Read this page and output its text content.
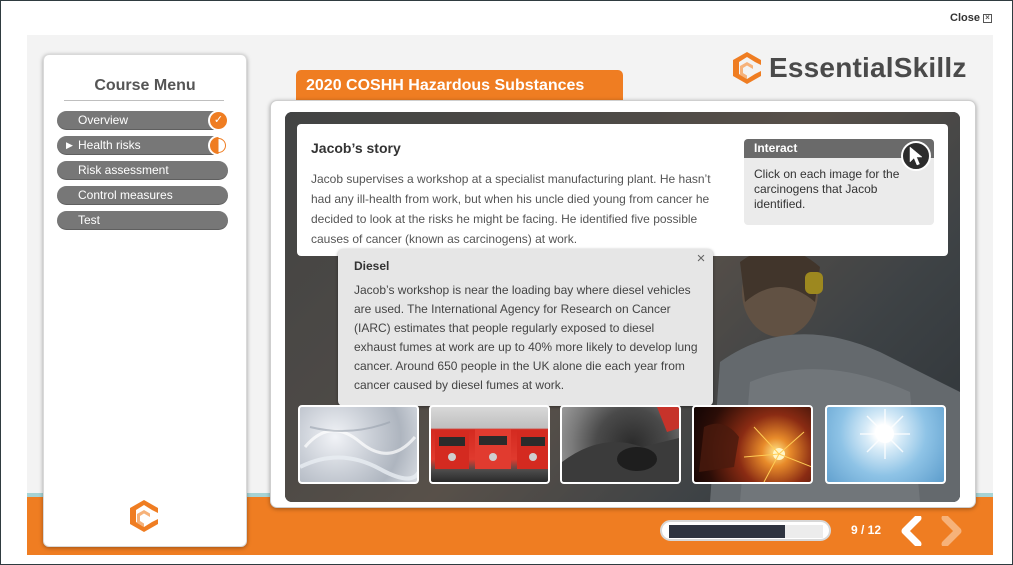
Close ×
Course Menu
Overview	✓
▶ Health risks
Risk assessment
Control measures
Test
2020 COSHH Hazardous Substances
EssentialSkillz
Jacob’s story
Jacob supervises a workshop at a specialist manufacturing plant. He hasn’t had any ill-health from work, but when his uncle died young from cancer he decided to look at the risks he might be facing. He identified five possible causes of cancer (known as carcinogens) at work.
Interact
Click on each image for the carcinogens that Jacob identified.
Diesel	×
Jacob’s workshop is near the loading bay where diesel vehicles are used. The International Agency for Research on Cancer (IARC) estimates that people regularly exposed to diesel exhaust fumes at work are up to 40% more likely to develop lung cancer. Around 650 people in the UK alone die each year from cancer caused by diesel fumes at work.
9 / 12
